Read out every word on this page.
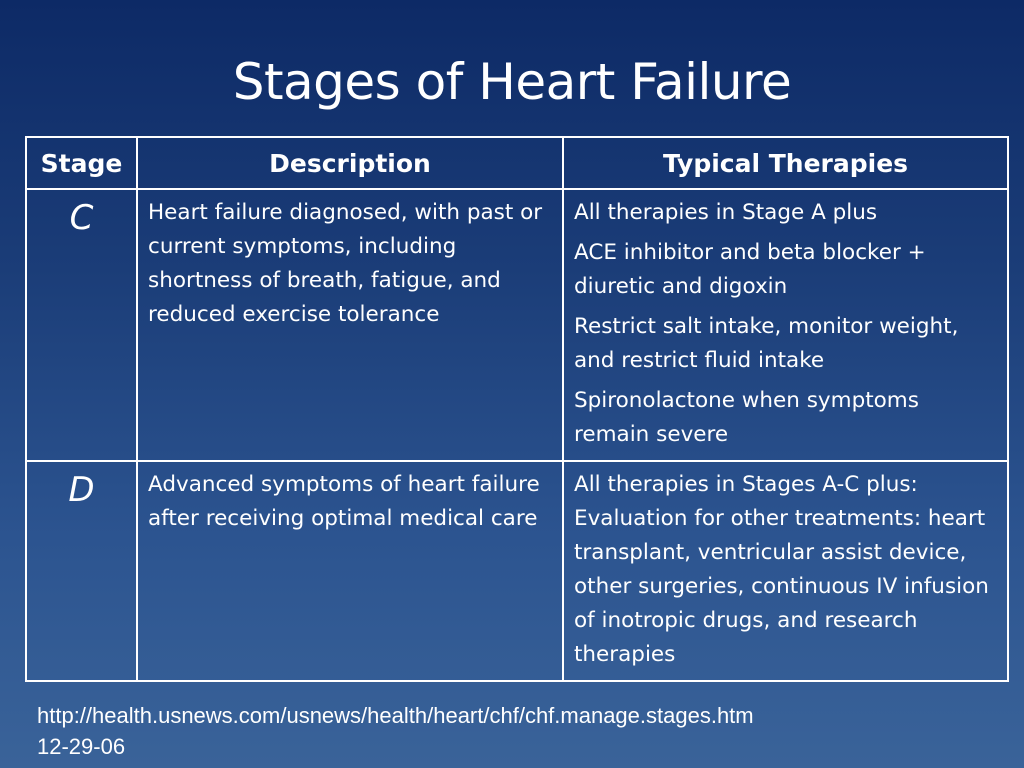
Stages of Heart Failure
Stage	Description	Typical Therapies
C	Heart failure diagnosed, with past or current symptoms, including shortness of breath, fatigue, and reduced exercise tolerance	All therapies in Stage A plus

ACE inhibitor and beta blocker + diuretic and digoxin

Restrict salt intake, monitor weight, and restrict fluid intake

Spironolactone when symptoms remain severe

D	Advanced symptoms of heart failure after receiving optimal medical care	All therapies in Stages A-C plus:

Evaluation for other treatments: heart transplant, ventricular assist device, other surgeries, continuous IV infusion of inotropic drugs, and research therapies

http://health.usnews.com/usnews/health/heart/chf/chf.manage.stages.htm
12-29-06
